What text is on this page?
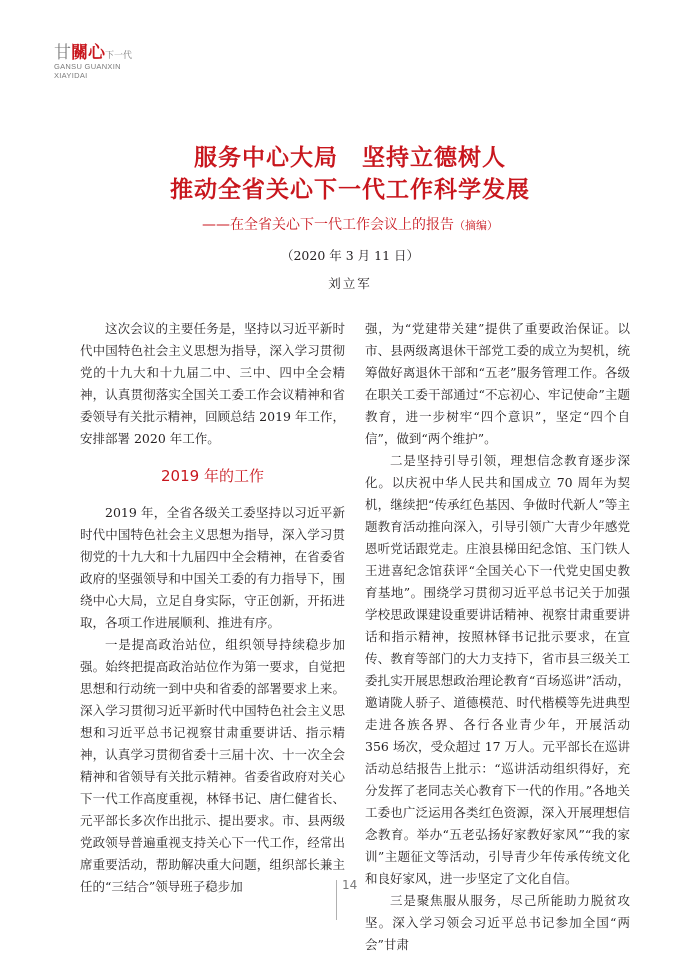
甘關心下一代
GANSU GUANXIN
XIAYIDAI
服务中心大局　坚持立德树人
推动全省关心下一代工作科学发展
——在全省关心下一代工作会议上的报告（摘编）
（2020 年 3 月 11 日）
刘立军

这次会议的主要任务是，坚持以习近平新时代中国特色社会主义思想为指导，深入学习贯彻党的十九大和十九届二中、三中、四中全会精神，认真贯彻落实全国关工委工作会议精神和省委领导有关批示精神，回顾总结 2019 年工作，安排部署 2020 年工作。

2019 年的工作

2019 年，全省各级关工委坚持以习近平新时代中国特色社会主义思想为指导，深入学习贯彻党的十九大和十九届四中全会精神，在省委省政府的坚强领导和中国关工委的有力指导下，围绕中心大局，立足自身实际，守正创新，开拓进取，各项工作进展顺利、推进有序。

一是提高政治站位，组织领导持续稳步加强。始终把提高政治站位作为第一要求，自觉把思想和行动统一到中央和省委的部署要求上来。深入学习贯彻习近平新时代中国特色社会主义思想和习近平总书记视察甘肃重要讲话、指示精神，认真学习贯彻省委十三届十次、十一次全会精神和省领导有关批示精神。省委省政府对关心下一代工作高度重视，林铎书记、唐仁健省长、元平部长多次作出批示、提出要求。市、县两级党政领导普遍重视支持关心下一代工作，经常出席重要活动，帮助解决重大问题，组织部长兼主任的“三结合”领导班子稳步加

强，为“党建带关建”提供了重要政治保证。以市、县两级离退休干部党工委的成立为契机，统筹做好离退休干部和“五老”服务管理工作。各级在职关工委干部通过“不忘初心、牢记使命”主题教育，进一步树牢“四个意识”，坚定“四个自信”，做到“两个维护”。

二是坚持引导引领，理想信念教育逐步深化。以庆祝中华人民共和国成立 70 周年为契机，继续把“传承红色基因、争做时代新人”等主题教育活动推向深入，引导引领广大青少年感党恩听党话跟党走。庄浪县梯田纪念馆、玉门铁人王进喜纪念馆获评“全国关心下一代党史国史教育基地”。围绕学习贯彻习近平总书记关于加强学校思政课建设重要讲话精神、视察甘肃重要讲话和指示精神，按照林铎书记批示要求，在宣传、教育等部门的大力支持下，省市县三级关工委扎实开展思想政治理论教育“百场巡讲”活动，邀请陇人骄子、道德模范、时代楷模等先进典型走进各族各界、各行各业青少年，开展活动 356 场次，受众超过 17 万人。元平部长在巡讲活动总结报告上批示：“巡讲活动组织得好，充分发挥了老同志关心教育下一代的作用。”各地关工委也广泛运用各类红色资源，深入开展理想信念教育。举办“五老弘扬好家教好家风”“我的家训”主题征文等活动，引导青少年传承传统文化和良好家风，进一步坚定了文化自信。

三是聚焦服从服务，尽己所能助力脱贫攻坚。深入学习领会习近平总书记参加全国“两会”甘肃

14
